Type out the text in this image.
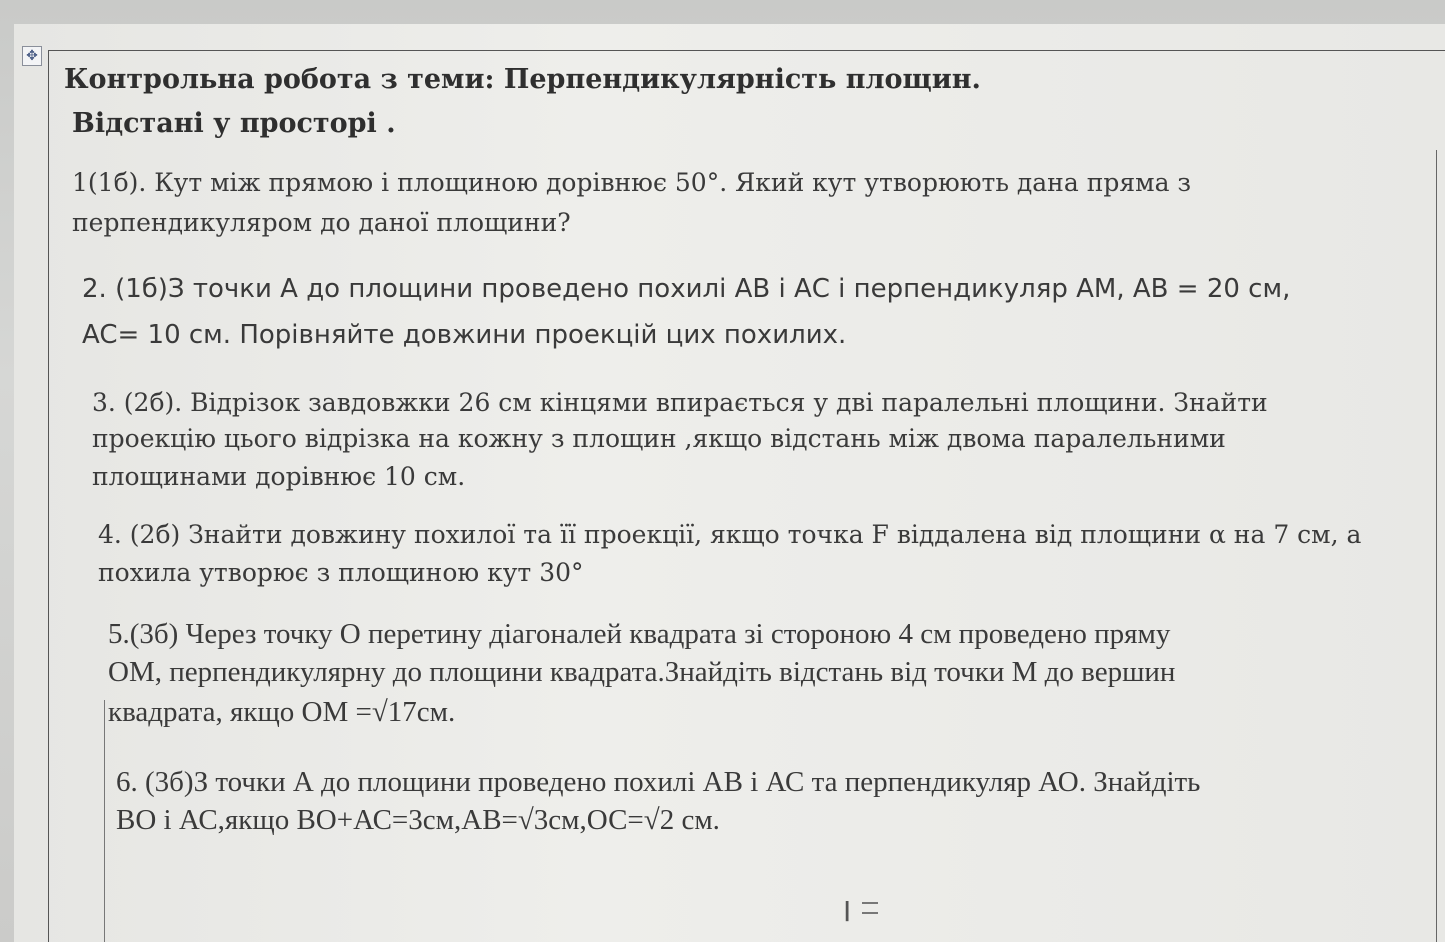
✥
Контрольна робота з теми: Перпендикулярність площин.
Відстані у просторі .
1(1б). Кут між прямою і площиною дорівнює 50°. Який кут утворюють дана пряма з
перпендикуляром до даної площини?
2. (1б)З точки А до площини проведено похилі АВ і АС і перпендикуляр АМ, AB = 20 см,
AC= 10 см. Порівняйте довжини проекцій цих похилих.
3. (2б). Відрізок завдовжки 26 см кінцями впирається у дві паралельні площини. Знайти
проекцію цього відрізка на кожну з площин ,якщо відстань між двома паралельними
площинами дорівнює 10 см.
4. (2б) Знайти довжину похилої та її проекції, якщо точка F віддалена від площини α на 7 см, а
похила утворює з площиною кут 30°
5.(3б) Через точку О перетину діагоналей квадрата зі стороною 4 см проведено пряму
ОМ, перпендикулярну до площини квадрата.Знайдіть відстань від точки М до вершин
квадрата, якщо ОМ =√17см.
6. (3б)З точки А до площини проведено похилі АВ і АС та перпендикуляр АО. Знайдіть
ВО і АС,якщо ВО+АС=3см,АВ=√3см,ОС=√2 см.
I
